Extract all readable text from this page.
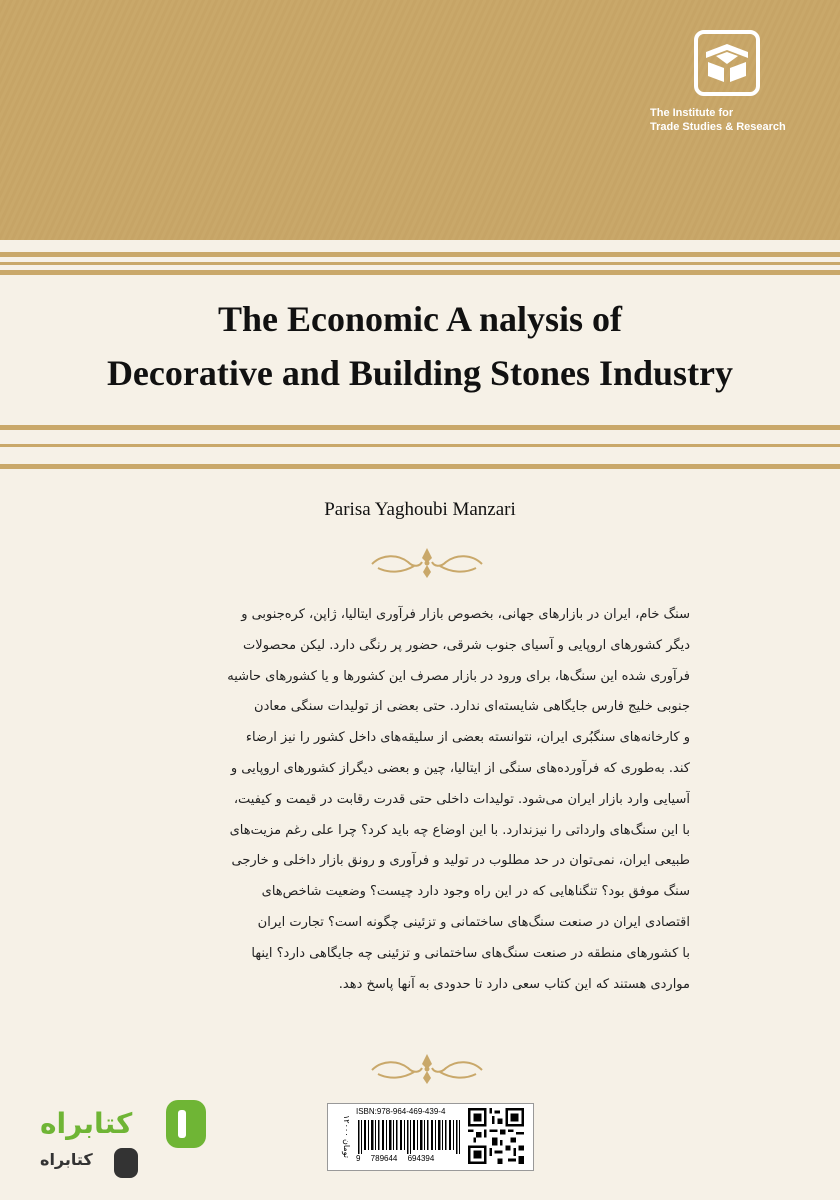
The Institute for
Trade Studies & Research
The Economic A nalysis of
Decorative and Building Stones Industry
Parisa Yaghoubi Manzari
سنگ خام، ایران در بازارهای جهانی، بخصوص بازار فرآوری ایتالیا، ژاپن، کره‌جنوبی و
دیگر کشورهای اروپایی و آسیای جنوب شرقی، حضور پر رنگی دارد. لیکن محصولات
فرآوری شده این سنگ‌ها، برای ورود در بازار مصرف این کشورها و یا کشورهای حاشیه
جنوبی خلیج فارس جایگاهی شایسته‌ای ندارد. حتی بعضی از تولیدات سنگی معادن
و کارخانه‌های سنگبُری ایران، نتوانسته بعضی از سلیقه‌های داخل کشور را نیز ارضاء
کند. به‌طوری که فرآورده‌های سنگی از ایتالیا، چین و بعضی دیگراز کشورهای اروپایی و
آسیایی وارد بازار ایران می‌شود. تولیدات داخلی حتی قدرت رقابت در قیمت و کیفیت،
با این سنگ‌های وارداتی را نیزندارد. با این اوضاع چه باید کرد؟ چرا علی رغم مزیت‌های
طبیعی ایران، نمی‌توان در حد مطلوب در تولید و فرآوری و رونق بازار داخلی و خارجی
سنگ موفق بود؟ تنگناهایی که در این راه وجود دارد چیست؟ وضعیت شاخص‌های
اقتصادی ایران در صنعت سنگ‌های ساختمانی و تزئینی چگونه است؟ تجارت ایران
با کشورهای منطقه در صنعت سنگ‌های ساختمانی و تزئینی چه جایگاهی دارد؟ اینها
مواردی هستند که این کتاب سعی دارد تا حدودی به آنها پاسخ دهد.
کتابراه
کتابراه
۱۲۰۰۰ تومان
ISBN:978-964-469-439-4
9 789644 694394
